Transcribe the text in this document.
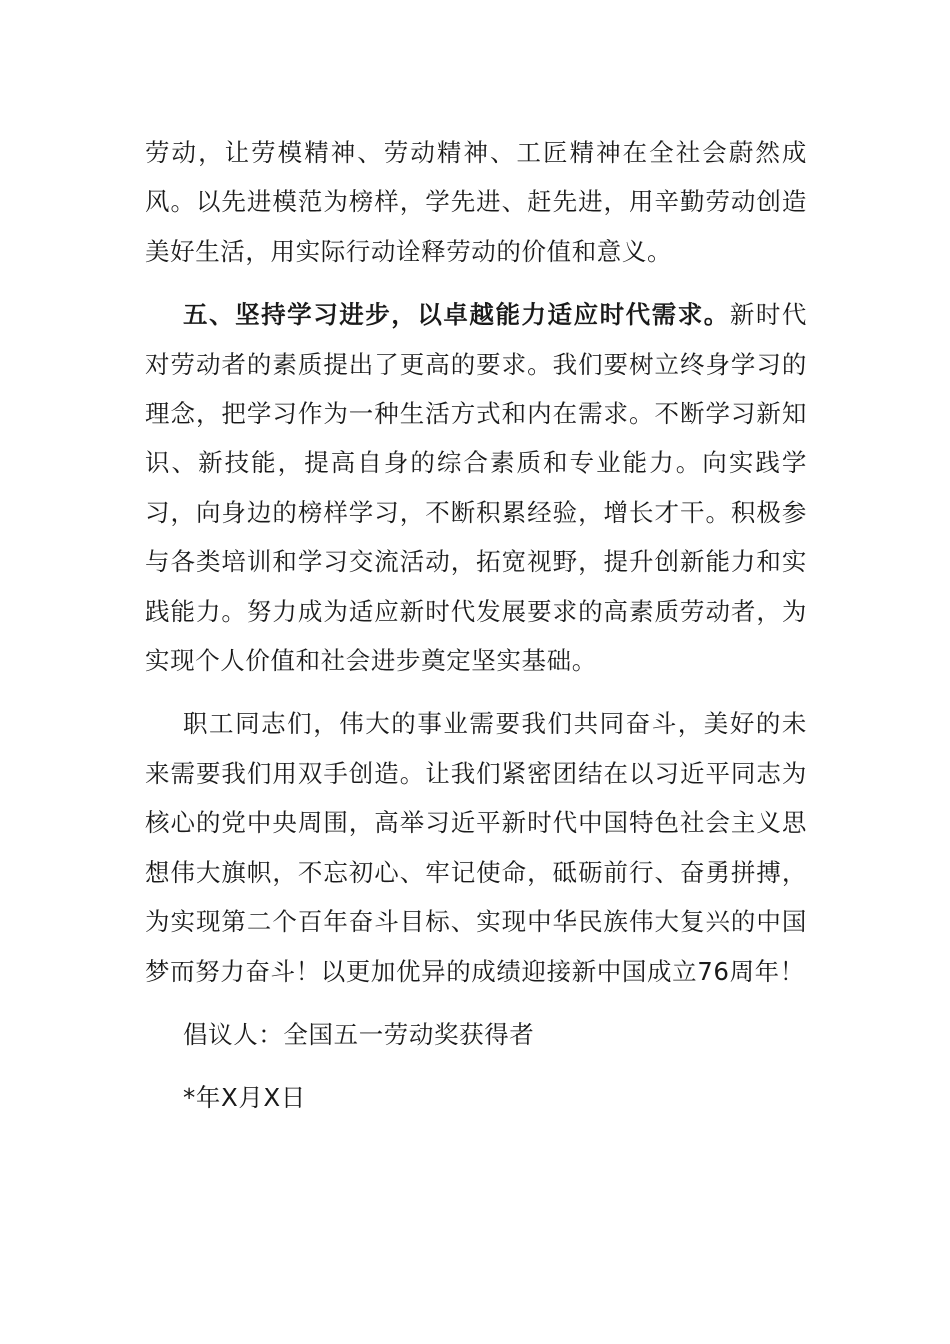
劳动，让劳模精神、劳动精神、工匠精神在全社会蔚然成风。以先进模范为榜样，学先进、赶先进，用辛勤劳动创造美好生活，用实际行动诠释劳动的价值和意义。

五、坚持学习进步，以卓越能力适应时代需求。新时代对劳动者的素质提出了更高的要求。我们要树立终身学习的理念，把学习作为一种生活方式和内在需求。不断学习新知识、新技能，提高自身的综合素质和专业能力。向实践学习，向身边的榜样学习，不断积累经验，增长才干。积极参与各类培训和学习交流活动，拓宽视野，提升创新能力和实践能力。努力成为适应新时代发展要求的高素质劳动者，为实现个人价值和社会进步奠定坚实基础。

职工同志们，伟大的事业需要我们共同奋斗，美好的未来需要我们用双手创造。让我们紧密团结在以习近平同志为核心的党中央周围，高举习近平新时代中国特色社会主义思想伟大旗帜，不忘初心、牢记使命，砥砺前行、奋勇拼搏，为实现第二个百年奋斗目标、实现中华民族伟大复兴的中国梦而努力奋斗！以更加优异的成绩迎接新中国成立76周年！

倡议人：全国五一劳动奖获得者

*年X月X日
